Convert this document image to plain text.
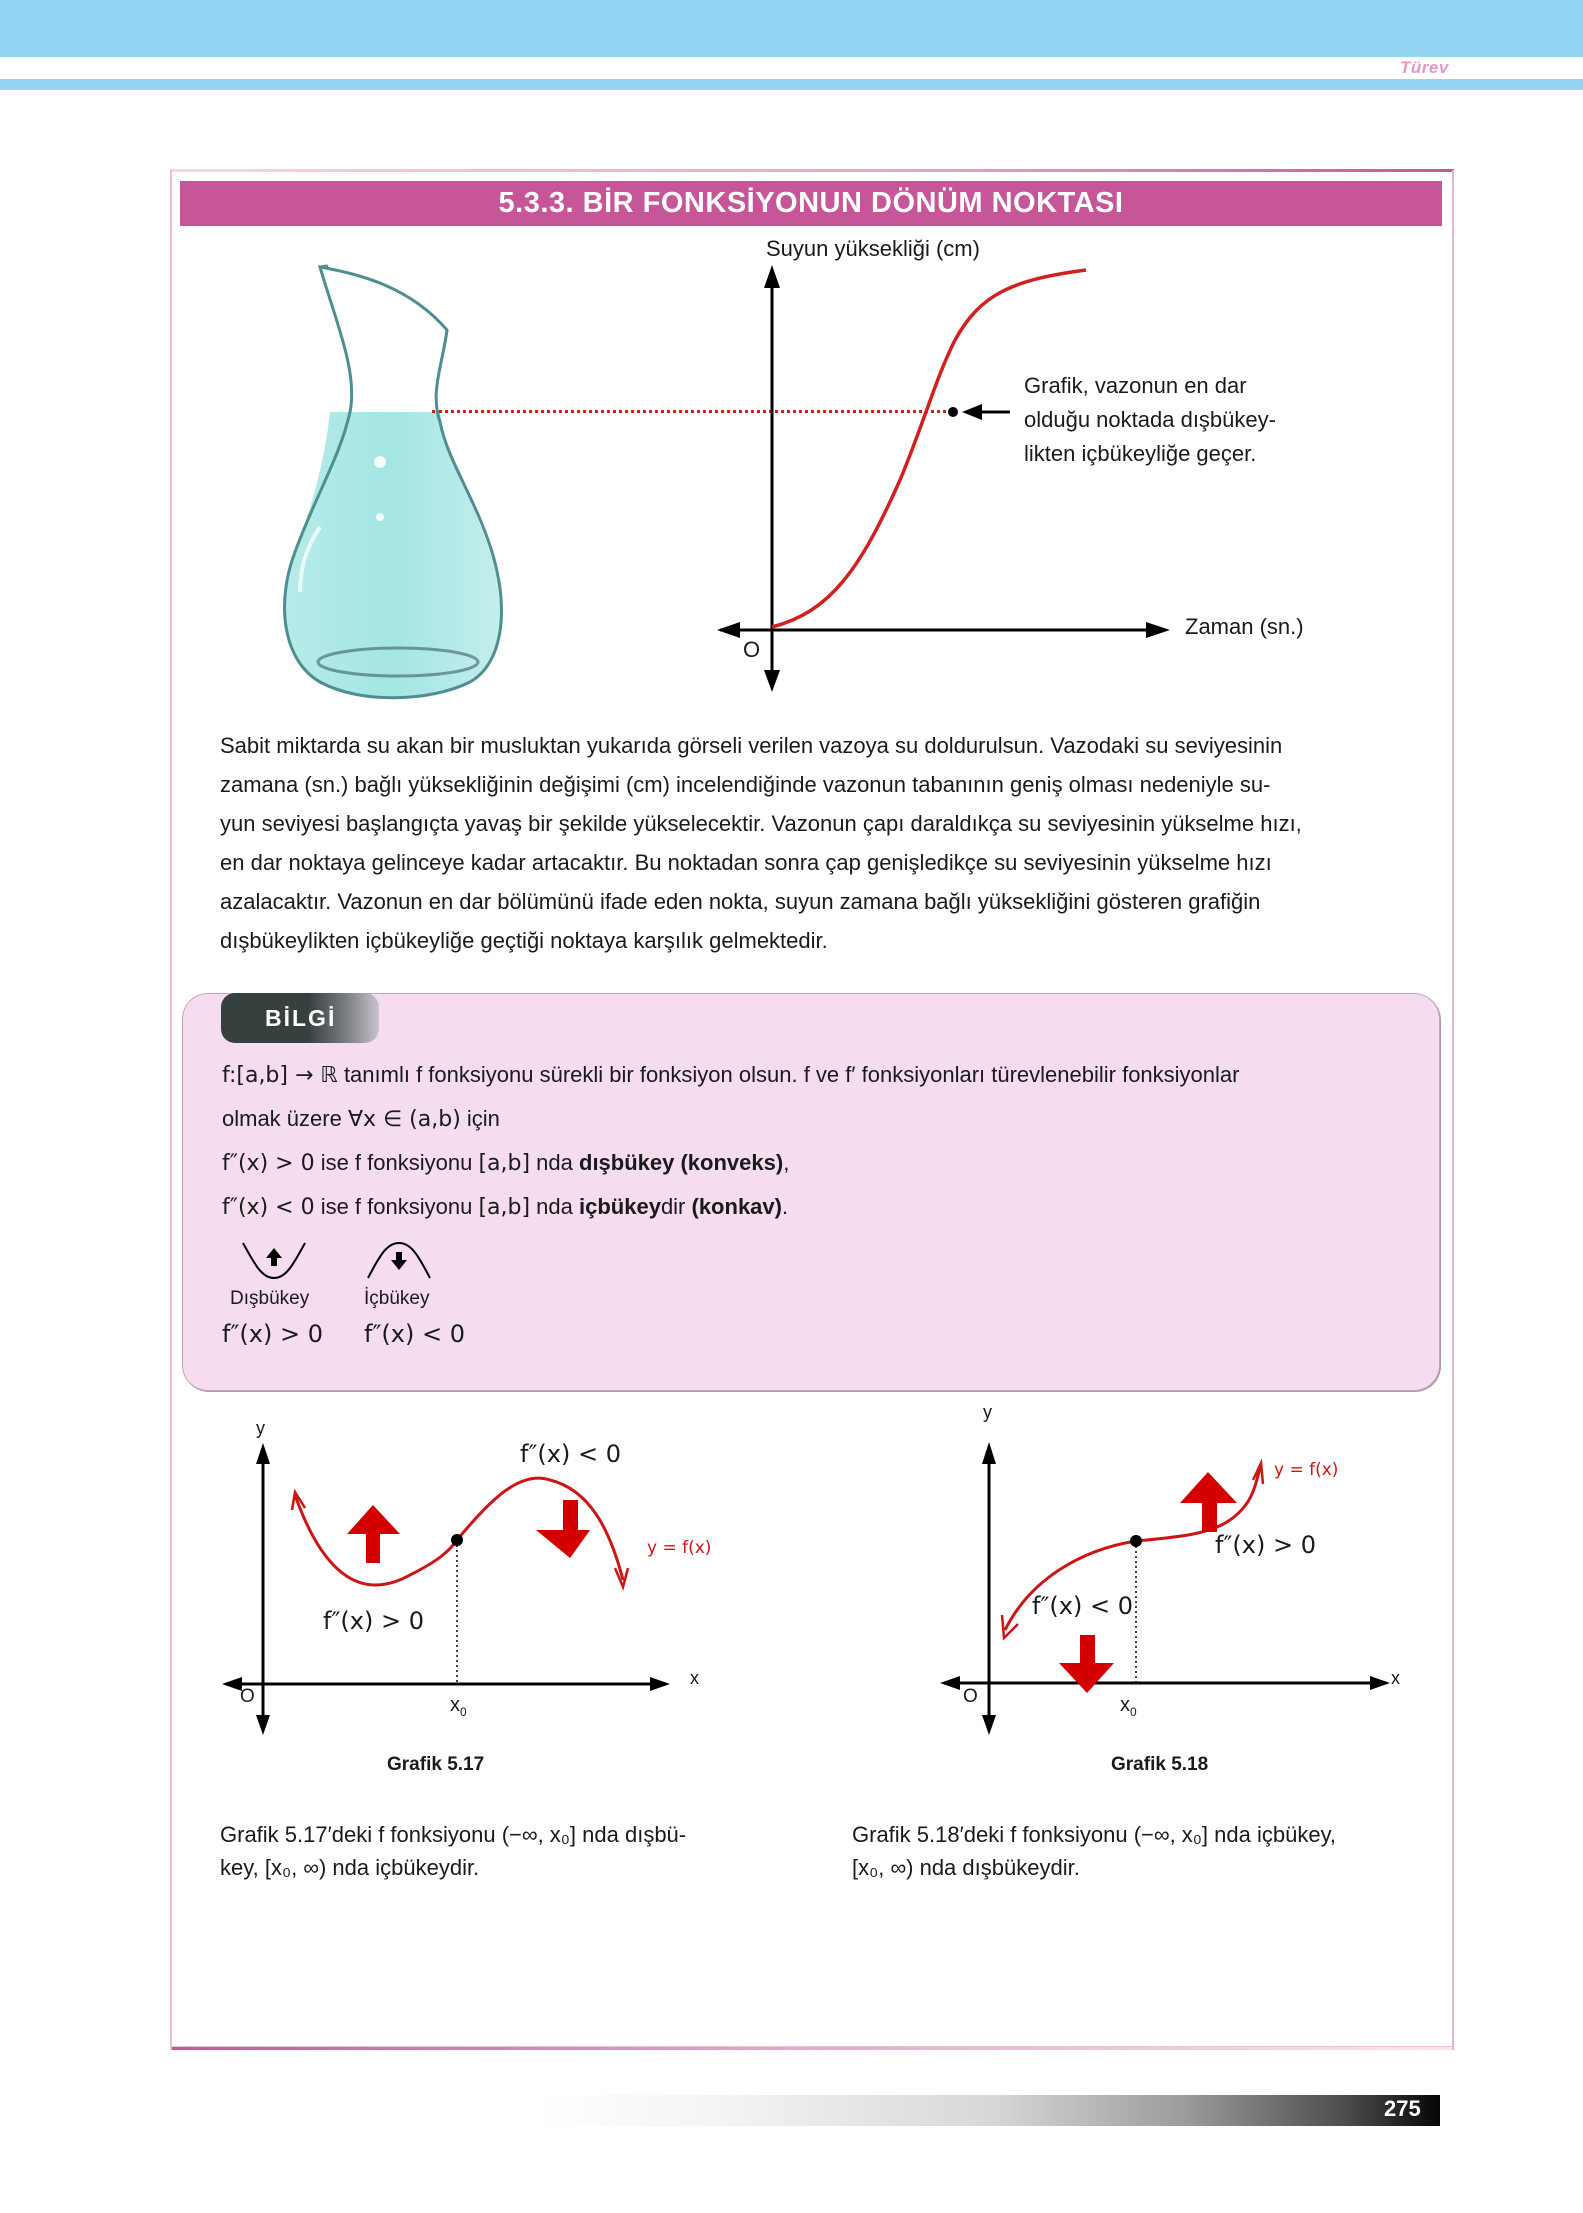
Türev
5.3.3. BİR FONKSİYONUN DÖNÜM NOKTASI
Suyun yüksekliği (cm)
Zaman (sn.)
O
Grafik, vazonun en dar
olduğu noktada dışbükey-
likten içbükeyliğe geçer.

Sabit miktarda su akan bir musluktan yukarıda görseli verilen vazoya su doldurulsun. Vazodaki su seviyesinin

zamana (sn.) bağlı yüksekliğinin değişimi (cm) incelendiğinde vazonun tabanının geniş olması nedeniyle su-

yun seviyesi başlangıçta yavaş bir şekilde yükselecektir. Vazonun çapı daraldıkça su seviyesinin yükselme hızı,

en dar noktaya gelinceye kadar artacaktır. Bu noktadan sonra çap genişledikçe su seviyesinin yükselme hızı

azalacaktır. Vazonun en dar bölümünü ifade eden nokta, suyun zamana bağlı yüksekliğini gösteren grafiğin

dışbükeylikten içbükeyliğe geçtiği noktaya karşılık gelmektedir.

BİLGİ
f:[a,b] → ℝ tanımlı f fonksiyonu sürekli bir fonksiyon olsun. f ve f′ fonksiyonları türevlenebilir fonksiyonlar
olmak üzere ∀x ∈ (a,b) için
f″(x) > 0 ise f fonksiyonu [a,b] nda dışbükey (konveks),
f″(x) < 0 ise f fonksiyonu [a,b] nda içbükeydir (konkav).
Dışbükey	İçbükey
f″(x) > 0 f″(x) < 0
y
x
O	$x_0$
f″(x) < 0
f″(x) > 0
y = f(x)
Grafik 5.17
y
x
O	$x_0$
f″(x) > 0
f″(x) < 0
y = f(x)
Grafik 5.18
Grafik 5.17′deki f fonksiyonu (−∞, x₀] nda dışbü-
key, [x₀, ∞) nda içbükeydir.
Grafik 5.18′deki f fonksiyonu (−∞, x₀] nda içbükey,
[x₀, ∞) nda dışbükeydir.
275
